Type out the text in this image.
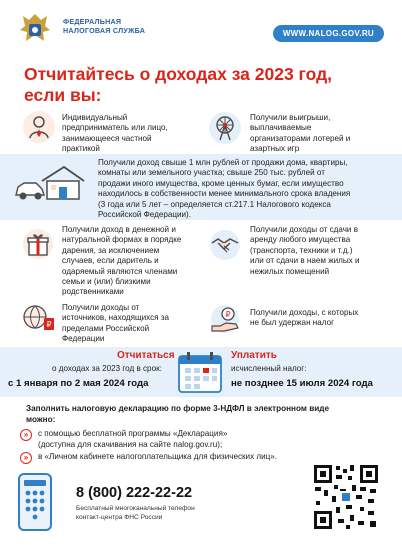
ФЕДЕРАЛЬНАЯ
НАЛОГОВАЯ СЛУЖБА	WWW.NALOG.GOV.RU
Отчитайтесь о доходах за 2023 год,
если вы:
Индивидуальный
предприниматель или лицо,
занимающееся частной
практикой
Получили выигрыши,
выплачиваемые
организаторами лотерей и
азартных игр
Получили доход свыше 1 млн рублей от продажи дома, квартиры,
комнаты или земельного участка; свыше 250 тыс. рублей от
продажи иного имущества, кроме ценных бумаг, если имущество
находилось в собственности менее минимального срока владения
(3 года или 5 лет – определяется ст.217.1 Налогового кодекса
Российской Федерации).
Получили доход в денежной и
натуральной формах в порядке
дарения, за исключением
случаев, если даритель и
одаряемый являются членами
семьи и (или) близкими
родственниками
Получили доходы от сдачи в
аренду любого имущества
(транспорта, техники и т.д.)
или от сдачи в наем жилых и
нежилых помещений
₽
Получили доходы от
источников, находящихся за
пределами Российской
Федерации
₽ Получили доходы, с которых
не был удержан налог
Отчитаться
о доходах за 2023 год в срок:
с 1 января по 2 мая 2024 года
Уплатить
исчисленный налог:
не позднее 15 июля 2024 года
Заполнить налоговую декларацию по форме 3-НДФЛ в электронном виде
можно:
»	с помощью бесплатной программы «Декларация»
(доступна для скачивания на сайте nalog.gov.ru);
»	в «Личном кабинете налогоплательщика для физических лиц».
8 (800) 222-22-22
Бесплатный многоканальный телефон
контакт-центра ФНС России
